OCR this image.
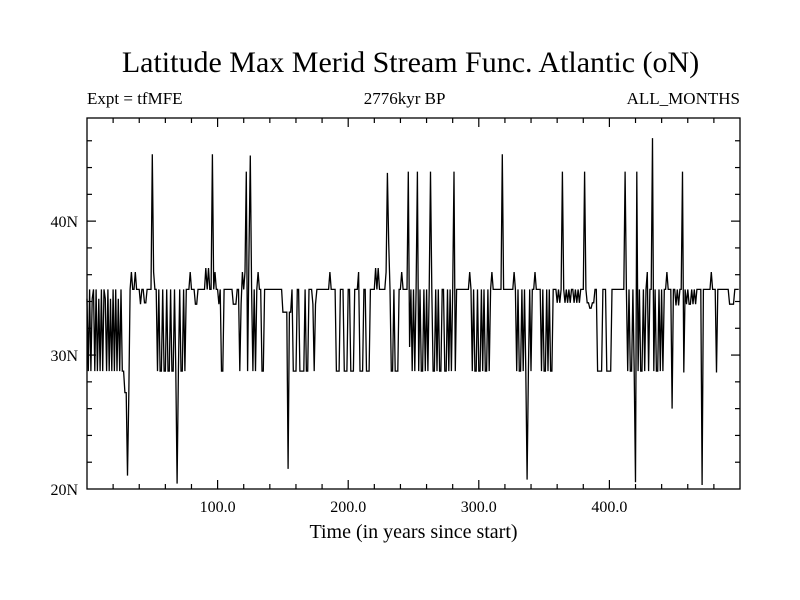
Latitude Max Merid Stream Func. Atlantic (oN)
Expt = tfMFE	2776kyr BP	ALL_MONTHS
100.0	200.0	300.0	400.0
20N
30N
40N
Time (in years since start)
